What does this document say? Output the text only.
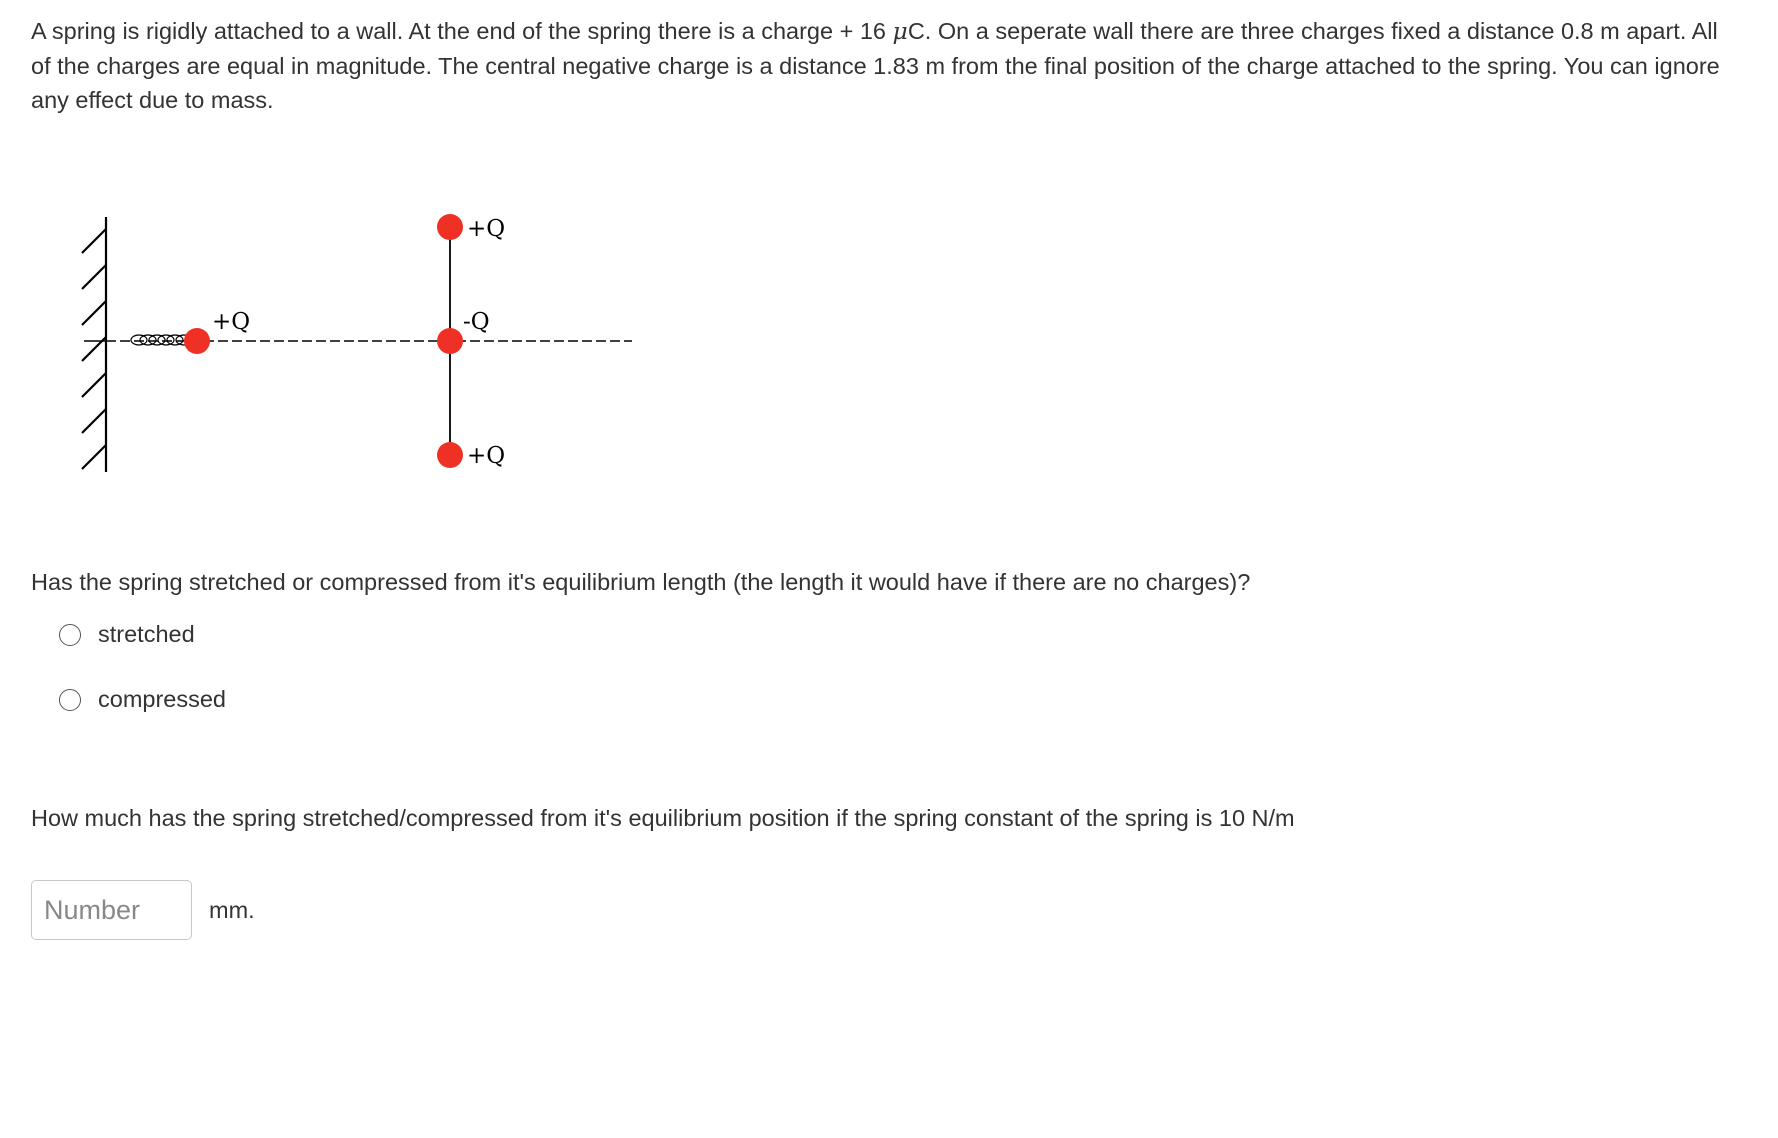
A spring is rigidly attached to a wall. At the end of the spring there is a charge + 16 μC. On a seperate wall there are three charges fixed a distance 0.8 m apart. All of the charges are equal in magnitude. The central negative charge is a distance 1.83 m from the final position of the charge attached to the spring. You can ignore any effect due to mass.

+Q
+Q
-Q
+Q

Has the spring stretched or compressed from it's equilibrium length (the length it would have if there are no charges)?

stretched
compressed

How much has the spring stretched/compressed from it's equilibrium position if the spring constant of the spring is 10 N/m

Number
mm.
